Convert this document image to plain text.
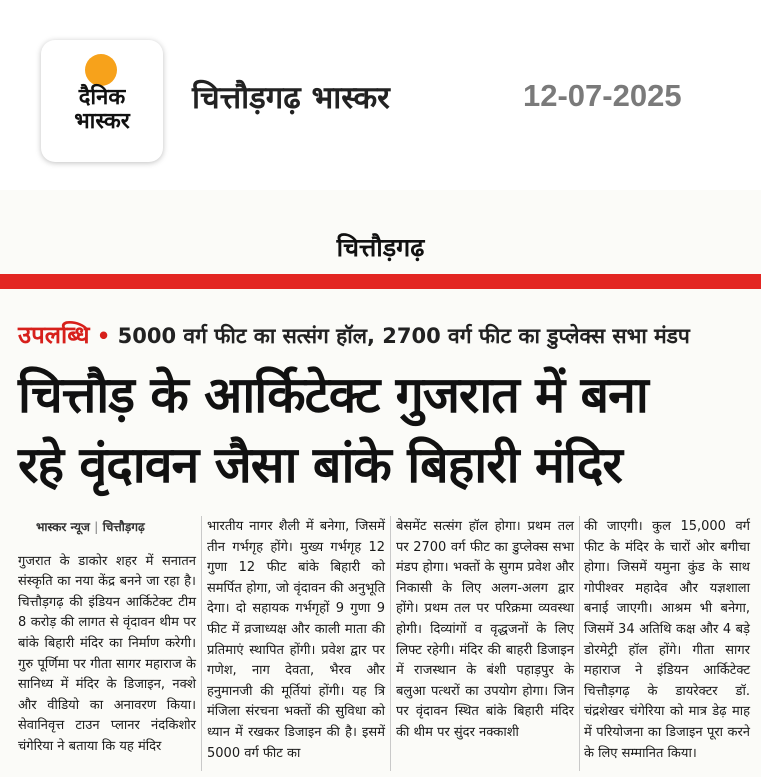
दैनिक
भास्कर
चित्तौड़गढ़ भास्कर	12-07-2025
चित्तौड़गढ़
उपलब्धि • 5000 वर्ग फीट का सत्संग हॉल, 2700 वर्ग फीट का डुप्लेक्स सभा मंडप
चित्तौड़ के आर्किटेक्ट गुजरात में बना
रहे वृंदावन जैसा बांके बिहारी मंदिर
भास्कर न्यूज | चित्तौड़गढ़
गुजरात के डाकोर शहर में सनातन संस्कृति का नया केंद्र बनने जा रहा है। चित्तौड़गढ़ की इंडियन आर्किटेक्ट टीम 8 करोड़ की लागत से वृंदावन थीम पर बांके बिहारी मंदिर का निर्माण करेगी। गुरु पूर्णिमा पर गीता सागर महाराज के सानिध्य में मंदिर के डिजाइन, नक्शे और वीडियो का अनावरण किया। सेवानिवृत्त टाउन प्लानर नंदकिशोर चंगेरिया ने बताया कि यह मंदिर
भारतीय नागर शैली में बनेगा, जिसमें तीन गर्भगृह होंगे। मुख्य गर्भगृह 12 गुणा 12 फीट बांके बिहारी को समर्पित होगा, जो वृंदावन की अनुभूति देगा। दो सहायक गर्भगृहों 9 गुणा 9 फीट में व्रजाध्यक्ष और काली माता की प्रतिमाएं स्थापित होंगी। प्रवेश द्वार पर गणेश, नाग देवता, भैरव और हनुमानजी की मूर्तियां होंगी। यह त्रि मंजिला संरचना भक्तों की सुविधा को ध्यान में रखकर डिजाइन की है। इसमें 5000 वर्ग फीट का
बेसमेंट सत्संग हॉल होगा। प्रथम तल पर 2700 वर्ग फीट का डुप्लेक्स सभा मंडप होगा। भक्तों के सुगम प्रवेश और निकासी के लिए अलग-अलग द्वार होंगे। प्रथम तल पर परिक्रमा व्यवस्था होगी। दिव्यांगों व वृद्धजनों के लिए लिफ्ट रहेगी। मंदिर की बाहरी डिजाइन में राजस्थान के बंशी पहाड़पुर के बलुआ पत्थरों का उपयोग होगा। जिन पर वृंदावन स्थित बांके बिहारी मंदिर की थीम पर सुंदर नक्काशी
की जाएगी। कुल 15,000 वर्ग फीट के मंदिर के चारों ओर बगीचा होगा। जिसमें यमुना कुंड के साथ गोपीश्वर महादेव और यज्ञशाला बनाई जाएगी। आश्रम भी बनेगा, जिसमें 34 अतिथि कक्ष और 4 बड़े डोरमेट्री हॉल होंगे। गीता सागर महाराज ने इंडियन आर्किटेक्ट चित्तौड़गढ़ के डायरेक्टर डॉ. चंद्रशेखर चंगेरिया को मात्र डेढ़ माह में परियोजना का डिजाइन पूरा करने के लिए सम्मानित किया।
